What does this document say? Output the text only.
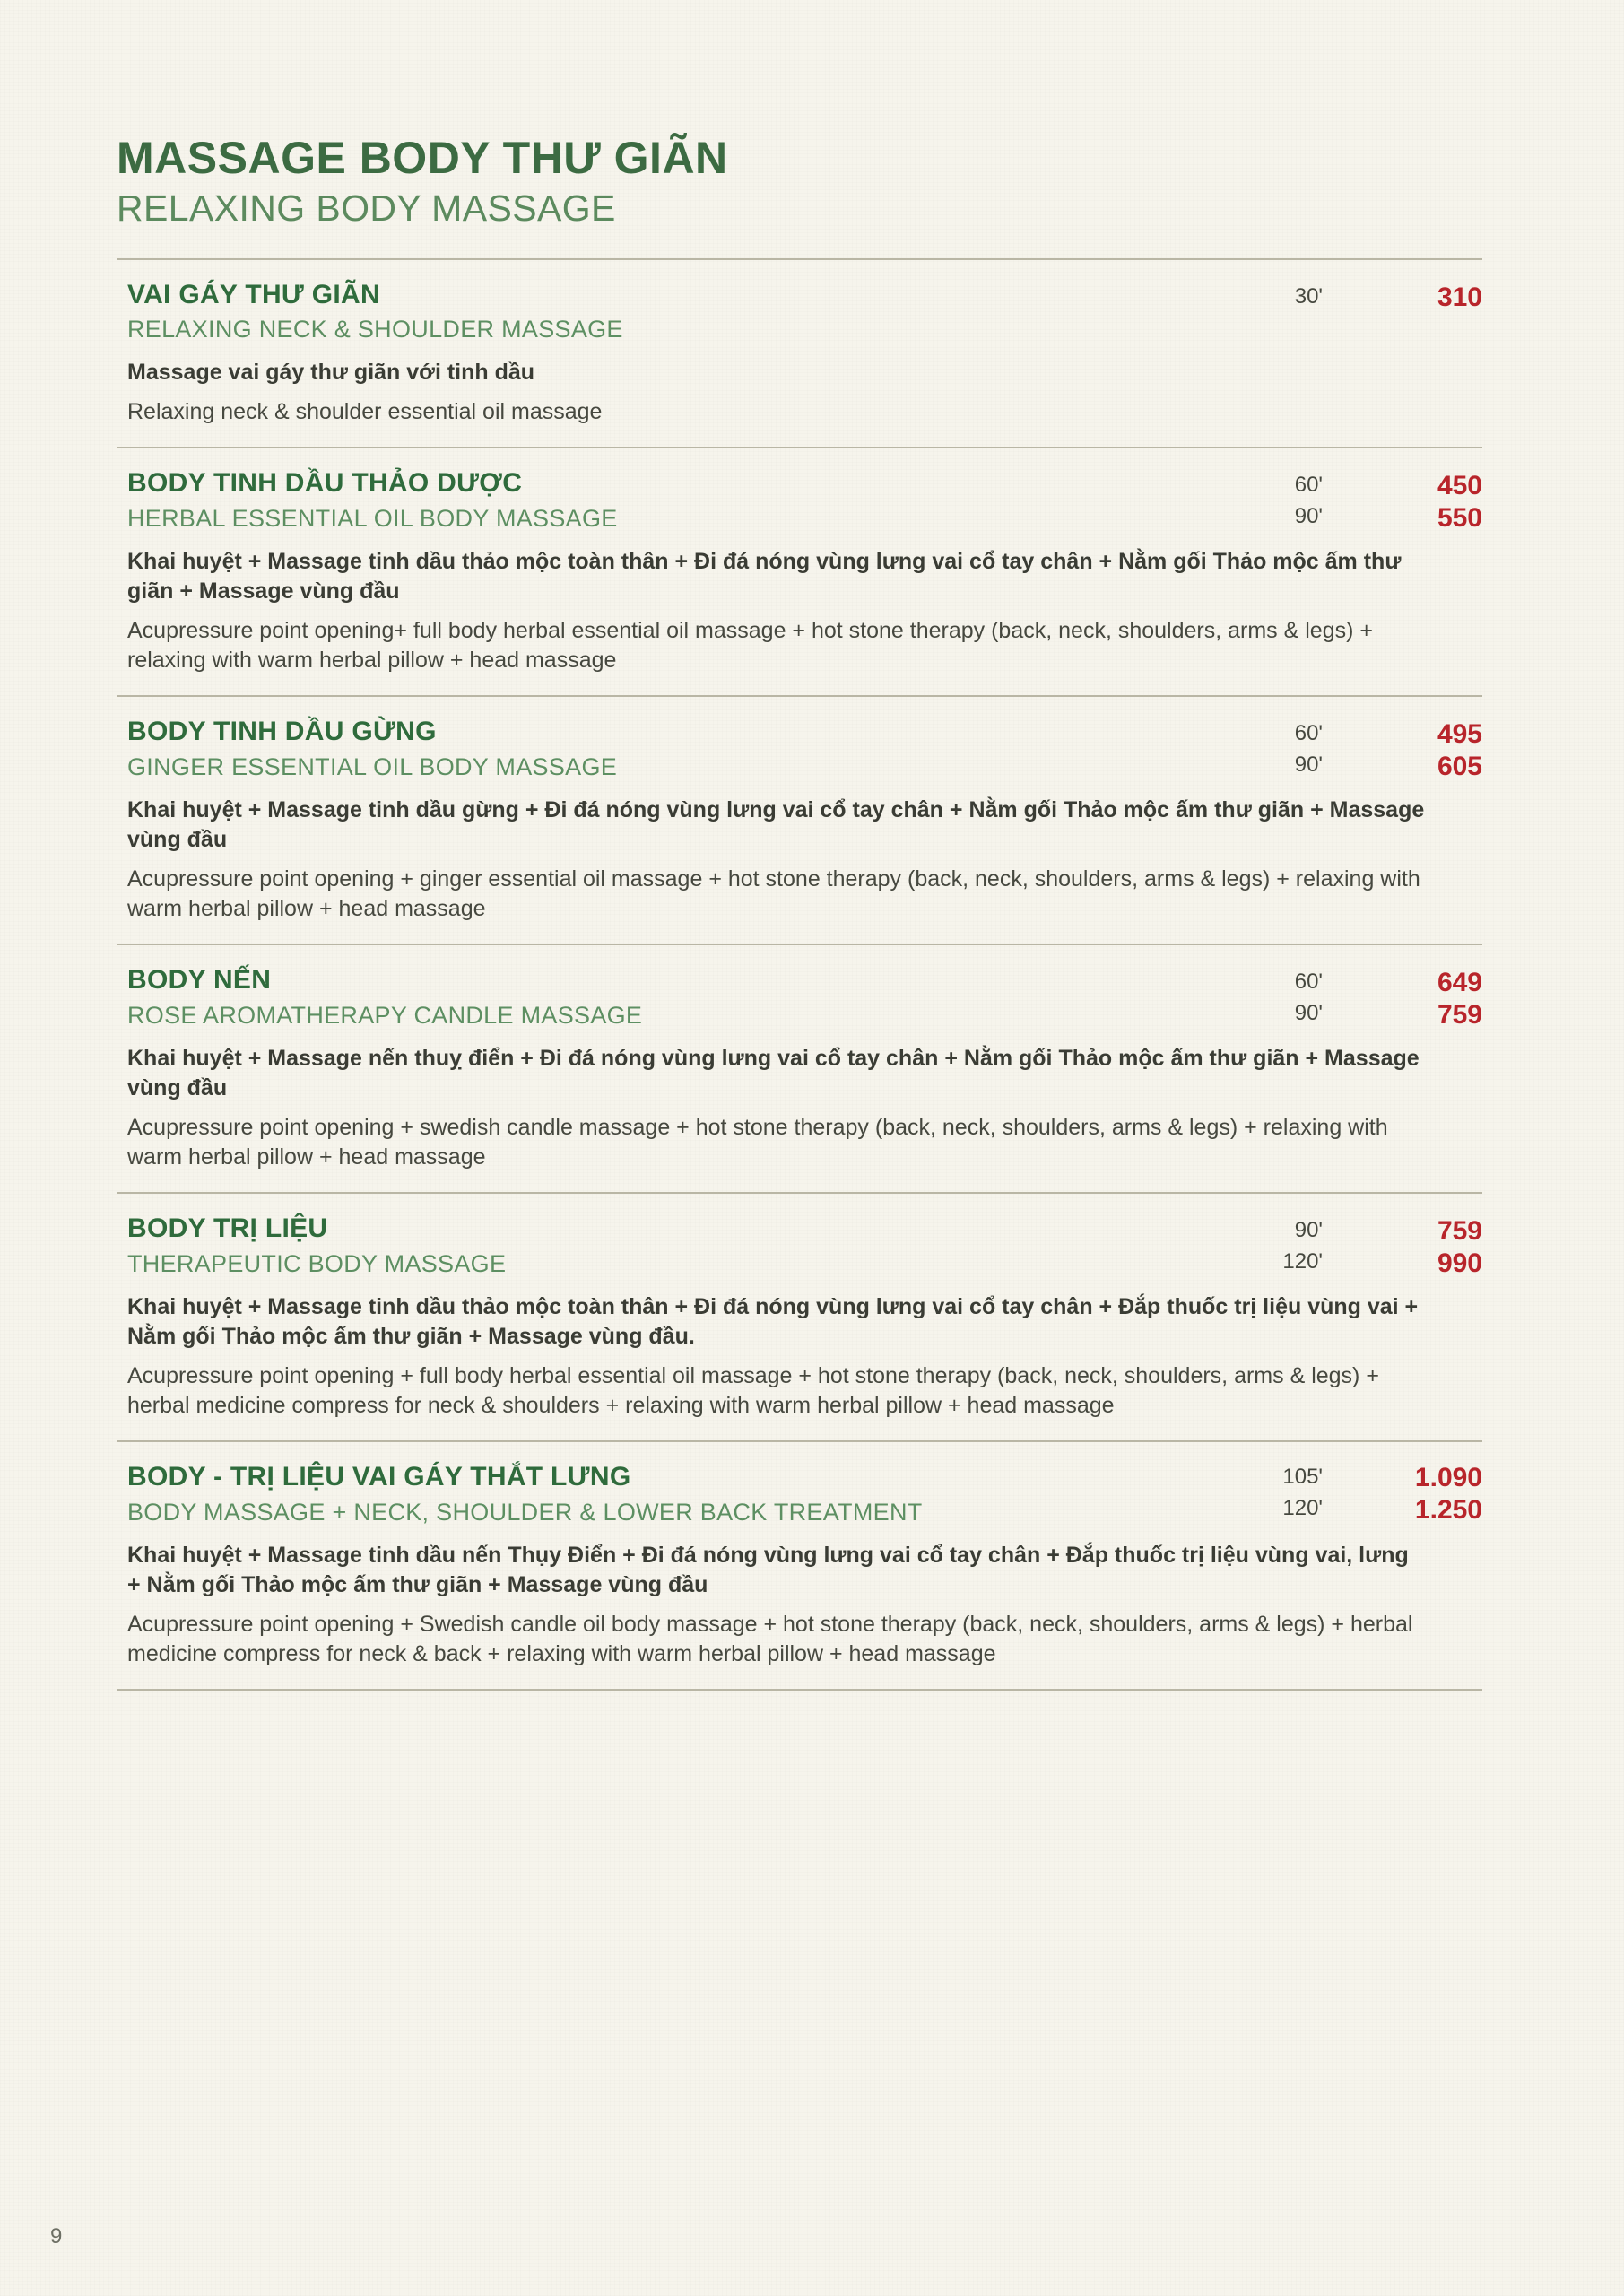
MASSAGE BODY THƯ GIÃN
RELAXING BODY MASSAGE
VAI GÁY THƯ GIÃN
RELAXING NECK & SHOULDER MASSAGE
30'	310
Massage vai gáy thư giãn với tinh dầu
Relaxing neck & shoulder essential oil massage
BODY TINH DẦU THẢO DƯỢC
HERBAL ESSENTIAL OIL BODY MASSAGE
60'
90'
450
550
Khai huyệt + Massage tinh dầu thảo mộc toàn thân + Đi đá nóng vùng lưng vai cổ tay chân + Nằm gối Thảo mộc ấm thư giãn + Massage vùng đầu
Acupressure point opening+ full body herbal essential oil massage + hot stone therapy (back, neck, shoulders, arms & legs) + relaxing with warm herbal pillow + head massage
BODY TINH DẦU GỪNG
GINGER ESSENTIAL OIL BODY MASSAGE
60'
90'
495
605
Khai huyệt + Massage tinh dầu gừng + Đi đá nóng vùng lưng vai cổ tay chân + Nằm gối Thảo mộc ấm thư giãn + Massage vùng đầu
Acupressure point opening + ginger essential oil massage + hot stone therapy (back, neck, shoulders, arms & legs) + relaxing with warm herbal pillow + head massage
BODY NẾN
ROSE AROMATHERAPY CANDLE MASSAGE
60'
90'
649
759
Khai huyệt + Massage nến thuỵ điển + Đi đá nóng vùng lưng vai cổ tay chân + Nằm gối Thảo mộc ấm thư giãn + Massage vùng đầu
Acupressure point opening + swedish candle massage + hot stone therapy (back, neck, shoulders, arms & legs) + relaxing with warm herbal pillow + head massage
BODY TRỊ LIỆU
THERAPEUTIC BODY MASSAGE
90'
120'
759
990
Khai huyệt + Massage tinh dầu thảo mộc toàn thân + Đi đá nóng vùng lưng vai cổ tay chân + Đắp thuốc trị liệu vùng vai + Nằm gối Thảo mộc ấm thư giãn + Massage vùng đầu.
Acupressure point opening + full body herbal essential oil massage + hot stone therapy (back, neck, shoulders, arms & legs) + herbal medicine compress for neck & shoulders + relaxing with warm herbal pillow + head massage
BODY - TRỊ LIỆU VAI GÁY THẮT LƯNG
BODY MASSAGE + NECK, SHOULDER & LOWER BACK TREATMENT
105'
120'
1.090
1.250
Khai huyệt + Massage tinh dầu nến Thụy Điển + Đi đá nóng vùng lưng vai cổ tay chân + Đắp thuốc trị liệu vùng vai, lưng + Nằm gối Thảo mộc ấm thư giãn + Massage vùng đầu
Acupressure point opening + Swedish candle oil body massage + hot stone therapy (back, neck, shoulders, arms & legs) + herbal medicine compress for neck & back + relaxing with warm herbal pillow + head massage
9
